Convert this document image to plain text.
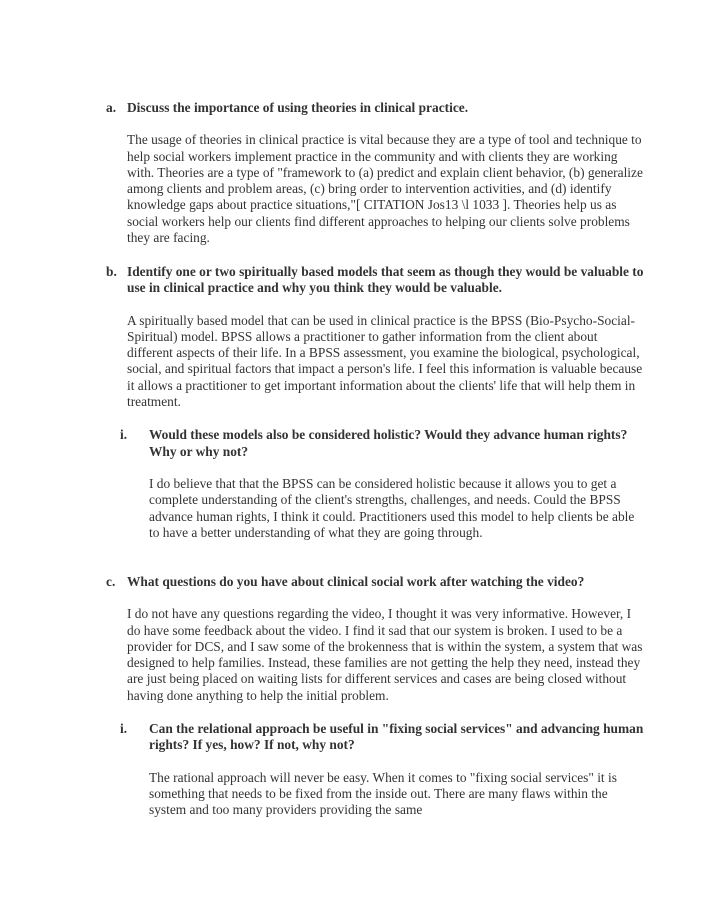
a. Discuss the importance of using theories in clinical practice.

The usage of theories in clinical practice is vital because they are a type of tool and technique to help social workers implement practice in the community and with clients they are working with. Theories are a type of "framework to (a) predict and explain client behavior, (b) generalize among clients and problem areas, (c) bring order to intervention activities, and (d) identify knowledge gaps about practice situations,"[ CITATION Jos13 \l 1033 ]. Theories help us as social workers help our clients find different approaches to helping our clients solve problems they are facing.

b. Identify one or two spiritually based models that seem as though they would be valuable to use in clinical practice and why you think they would be valuable.

A spiritually based model that can be used in clinical practice is the BPSS (Bio-Psycho-Social-Spiritual) model. BPSS allows a practitioner to gather information from the client about different aspects of their life. In a BPSS assessment, you examine the biological, psychological, social, and spiritual factors that impact a person's life. I feel this information is valuable because it allows a practitioner to get important information about the clients' life that will help them in treatment.

i. Would these models also be considered holistic? Would they advance human rights? Why or why not?

I do believe that that the BPSS can be considered holistic because it allows you to get a complete understanding of the client's strengths, challenges, and needs. Could the BPSS advance human rights, I think it could. Practitioners used this model to help clients be able to have a better understanding of what they are going through.

c. What questions do you have about clinical social work after watching the video?

I do not have any questions regarding the video, I thought it was very informative. However, I do have some feedback about the video. I find it sad that our system is broken. I used to be a provider for DCS, and I saw some of the brokenness that is within the system, a system that was designed to help families. Instead, these families are not getting the help they need, instead they are just being placed on waiting lists for different services and cases are being closed without having done anything to help the initial problem.

i. Can the relational approach be useful in "fixing social services" and advancing human rights? If yes, how? If not, why not?

The rational approach will never be easy. When it comes to "fixing social services" it is something that needs to be fixed from the inside out. There are many flaws within the system and too many providers providing the same
